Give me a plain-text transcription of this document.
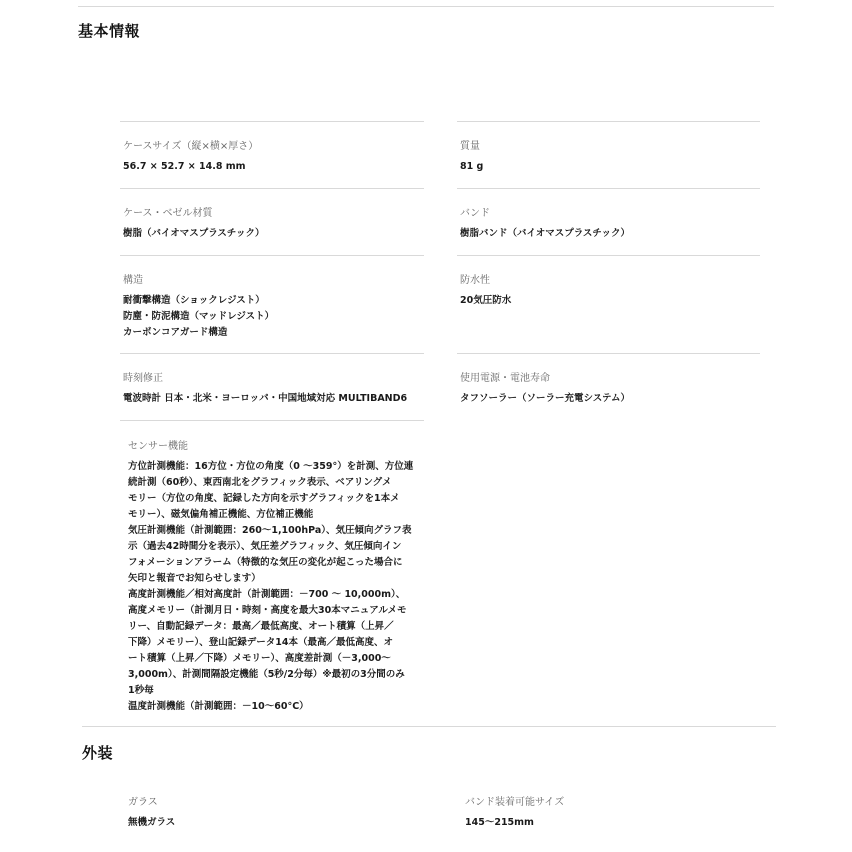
基本情報
ケースサイズ（縦×横×厚さ）
56.7 × 52.7 × 14.8 mm
質量
81 g
ケース・ベゼル材質
樹脂（バイオマスプラスチック）
バンド
樹脂バンド（バイオマスプラスチック）
構造
耐衝撃構造（ショックレジスト）
防塵・防泥構造（マッドレジスト）
カーボンコアガード構造
防水性
20気圧防水
時刻修正
電波時計 日本・北米・ヨーロッパ・中国地域対応 MULTIBAND6
使用電源・電池寿命
タフソーラー（ソーラー充電システム）
センサー機能
方位計測機能：16方位・方位の角度（0 ～359°）を計測、方位連
続計測（60秒）、東西南北をグラフィック表示、ベアリングメ
モリー（方位の角度、記録した方向を示すグラフィックを1本メ
モリー）、磁気偏角補正機能、方位補正機能
気圧計測機能（計測範囲：260～1,100hPa）、気圧傾向グラフ表
示（過去42時間分を表示）、気圧差グラフィック、気圧傾向イン
フォメーションアラーム（特徴的な気圧の変化が起こった場合に
矢印と報音でお知らせします）
高度計測機能／相対高度計（計測範囲：－700 ～ 10,000m）、
高度メモリー（計測月日・時刻・高度を最大30本マニュアルメモ
リー、自動記録データ：最高／最低高度、オート積算（上昇／
下降）メモリー）、登山記録データ14本（最高／最低高度、オ
ート積算（上昇／下降）メモリー）、高度差計測（－3,000～
3,000m）、計測間隔設定機能（5秒/2分毎）※最初の3分間のみ
1秒毎
温度計測機能（計測範囲：－10～60°C）
外装
ガラス
無機ガラス
バンド装着可能サイズ
145～215mm
